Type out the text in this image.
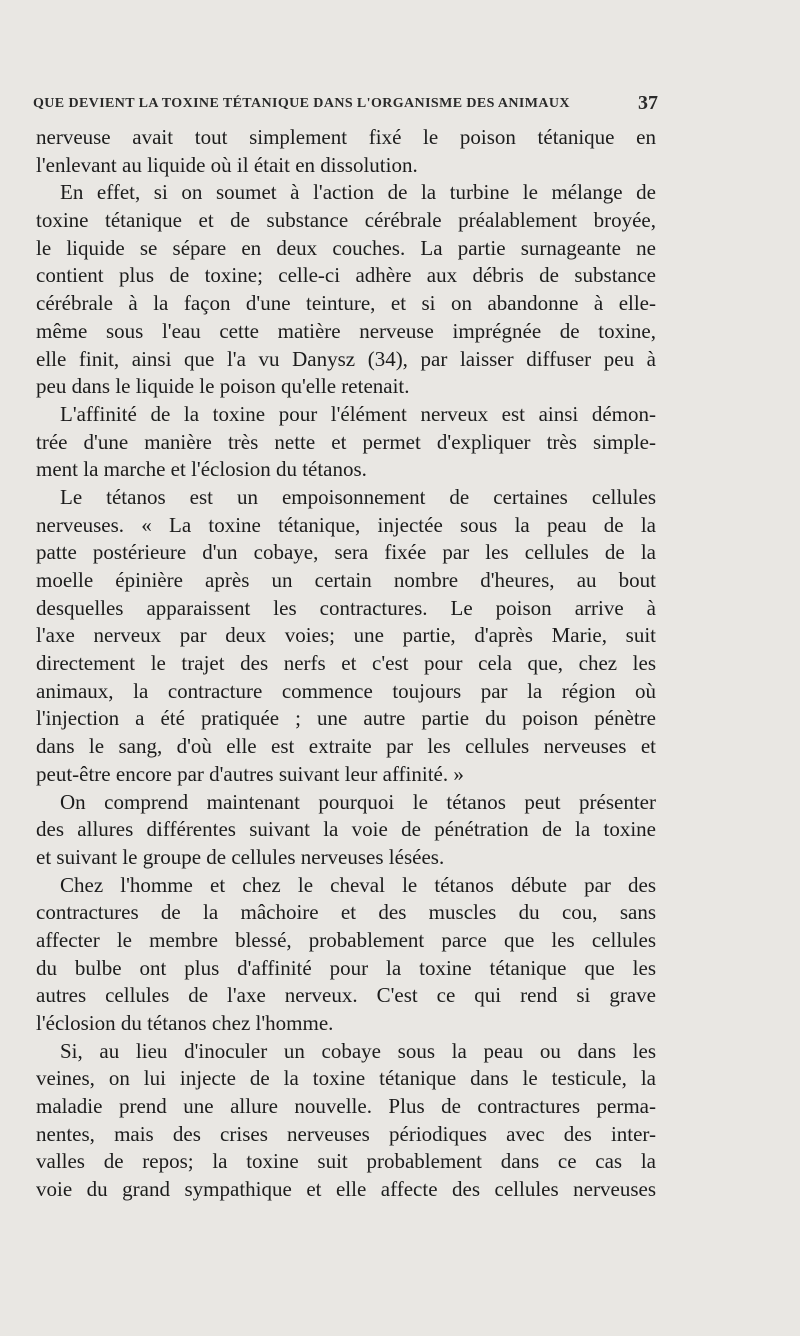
QUE DEVIENT LA TOXINE TÉTANIQUE DANS L'ORGANISME DES ANIMAUX	37
nerveuse avait tout simplement fixé le poison tétanique en
l'enlevant au liquide où il était en dissolution.
En effet, si on soumet à l'action de la turbine le mélange de
toxine tétanique et de substance cérébrale préalablement broyée,
le liquide se sépare en deux couches. La partie surnageante ne
contient plus de toxine; celle-ci adhère aux débris de substance
cérébrale à la façon d'une teinture, et si on abandonne à elle-
même sous l'eau cette matière nerveuse imprégnée de toxine,
elle finit, ainsi que l'a vu Danysz (34), par laisser diffuser peu à
peu dans le liquide le poison qu'elle retenait.
L'affinité de la toxine pour l'élément nerveux est ainsi démon-
trée d'une manière très nette et permet d'expliquer très simple-
ment la marche et l'éclosion du tétanos.
Le tétanos est un empoisonnement de certaines cellules
nerveuses. « La toxine tétanique, injectée sous la peau de la
patte postérieure d'un cobaye, sera fixée par les cellules de la
moelle épinière après un certain nombre d'heures, au bout
desquelles apparaissent les contractures. Le poison arrive à
l'axe nerveux par deux voies; une partie, d'après Marie, suit
directement le trajet des nerfs et c'est pour cela que, chez les
animaux, la contracture commence toujours par la région où
l'injection a été pratiquée ; une autre partie du poison pénètre
dans le sang, d'où elle est extraite par les cellules nerveuses et
peut-être encore par d'autres suivant leur affinité. »
On comprend maintenant pourquoi le tétanos peut présenter
des allures différentes suivant la voie de pénétration de la toxine
et suivant le groupe de cellules nerveuses lésées.
Chez l'homme et chez le cheval le tétanos débute par des
contractures de la mâchoire et des muscles du cou, sans
affecter le membre blessé, probablement parce que les cellules
du bulbe ont plus d'affinité pour la toxine tétanique que les
autres cellules de l'axe nerveux. C'est ce qui rend si grave
l'éclosion du tétanos chez l'homme.
Si, au lieu d'inoculer un cobaye sous la peau ou dans les
veines, on lui injecte de la toxine tétanique dans le testicule, la
maladie prend une allure nouvelle. Plus de contractures perma-
nentes, mais des crises nerveuses périodiques avec des inter-
valles de repos; la toxine suit probablement dans ce cas la
voie du grand sympathique et elle affecte des cellules nerveuses
